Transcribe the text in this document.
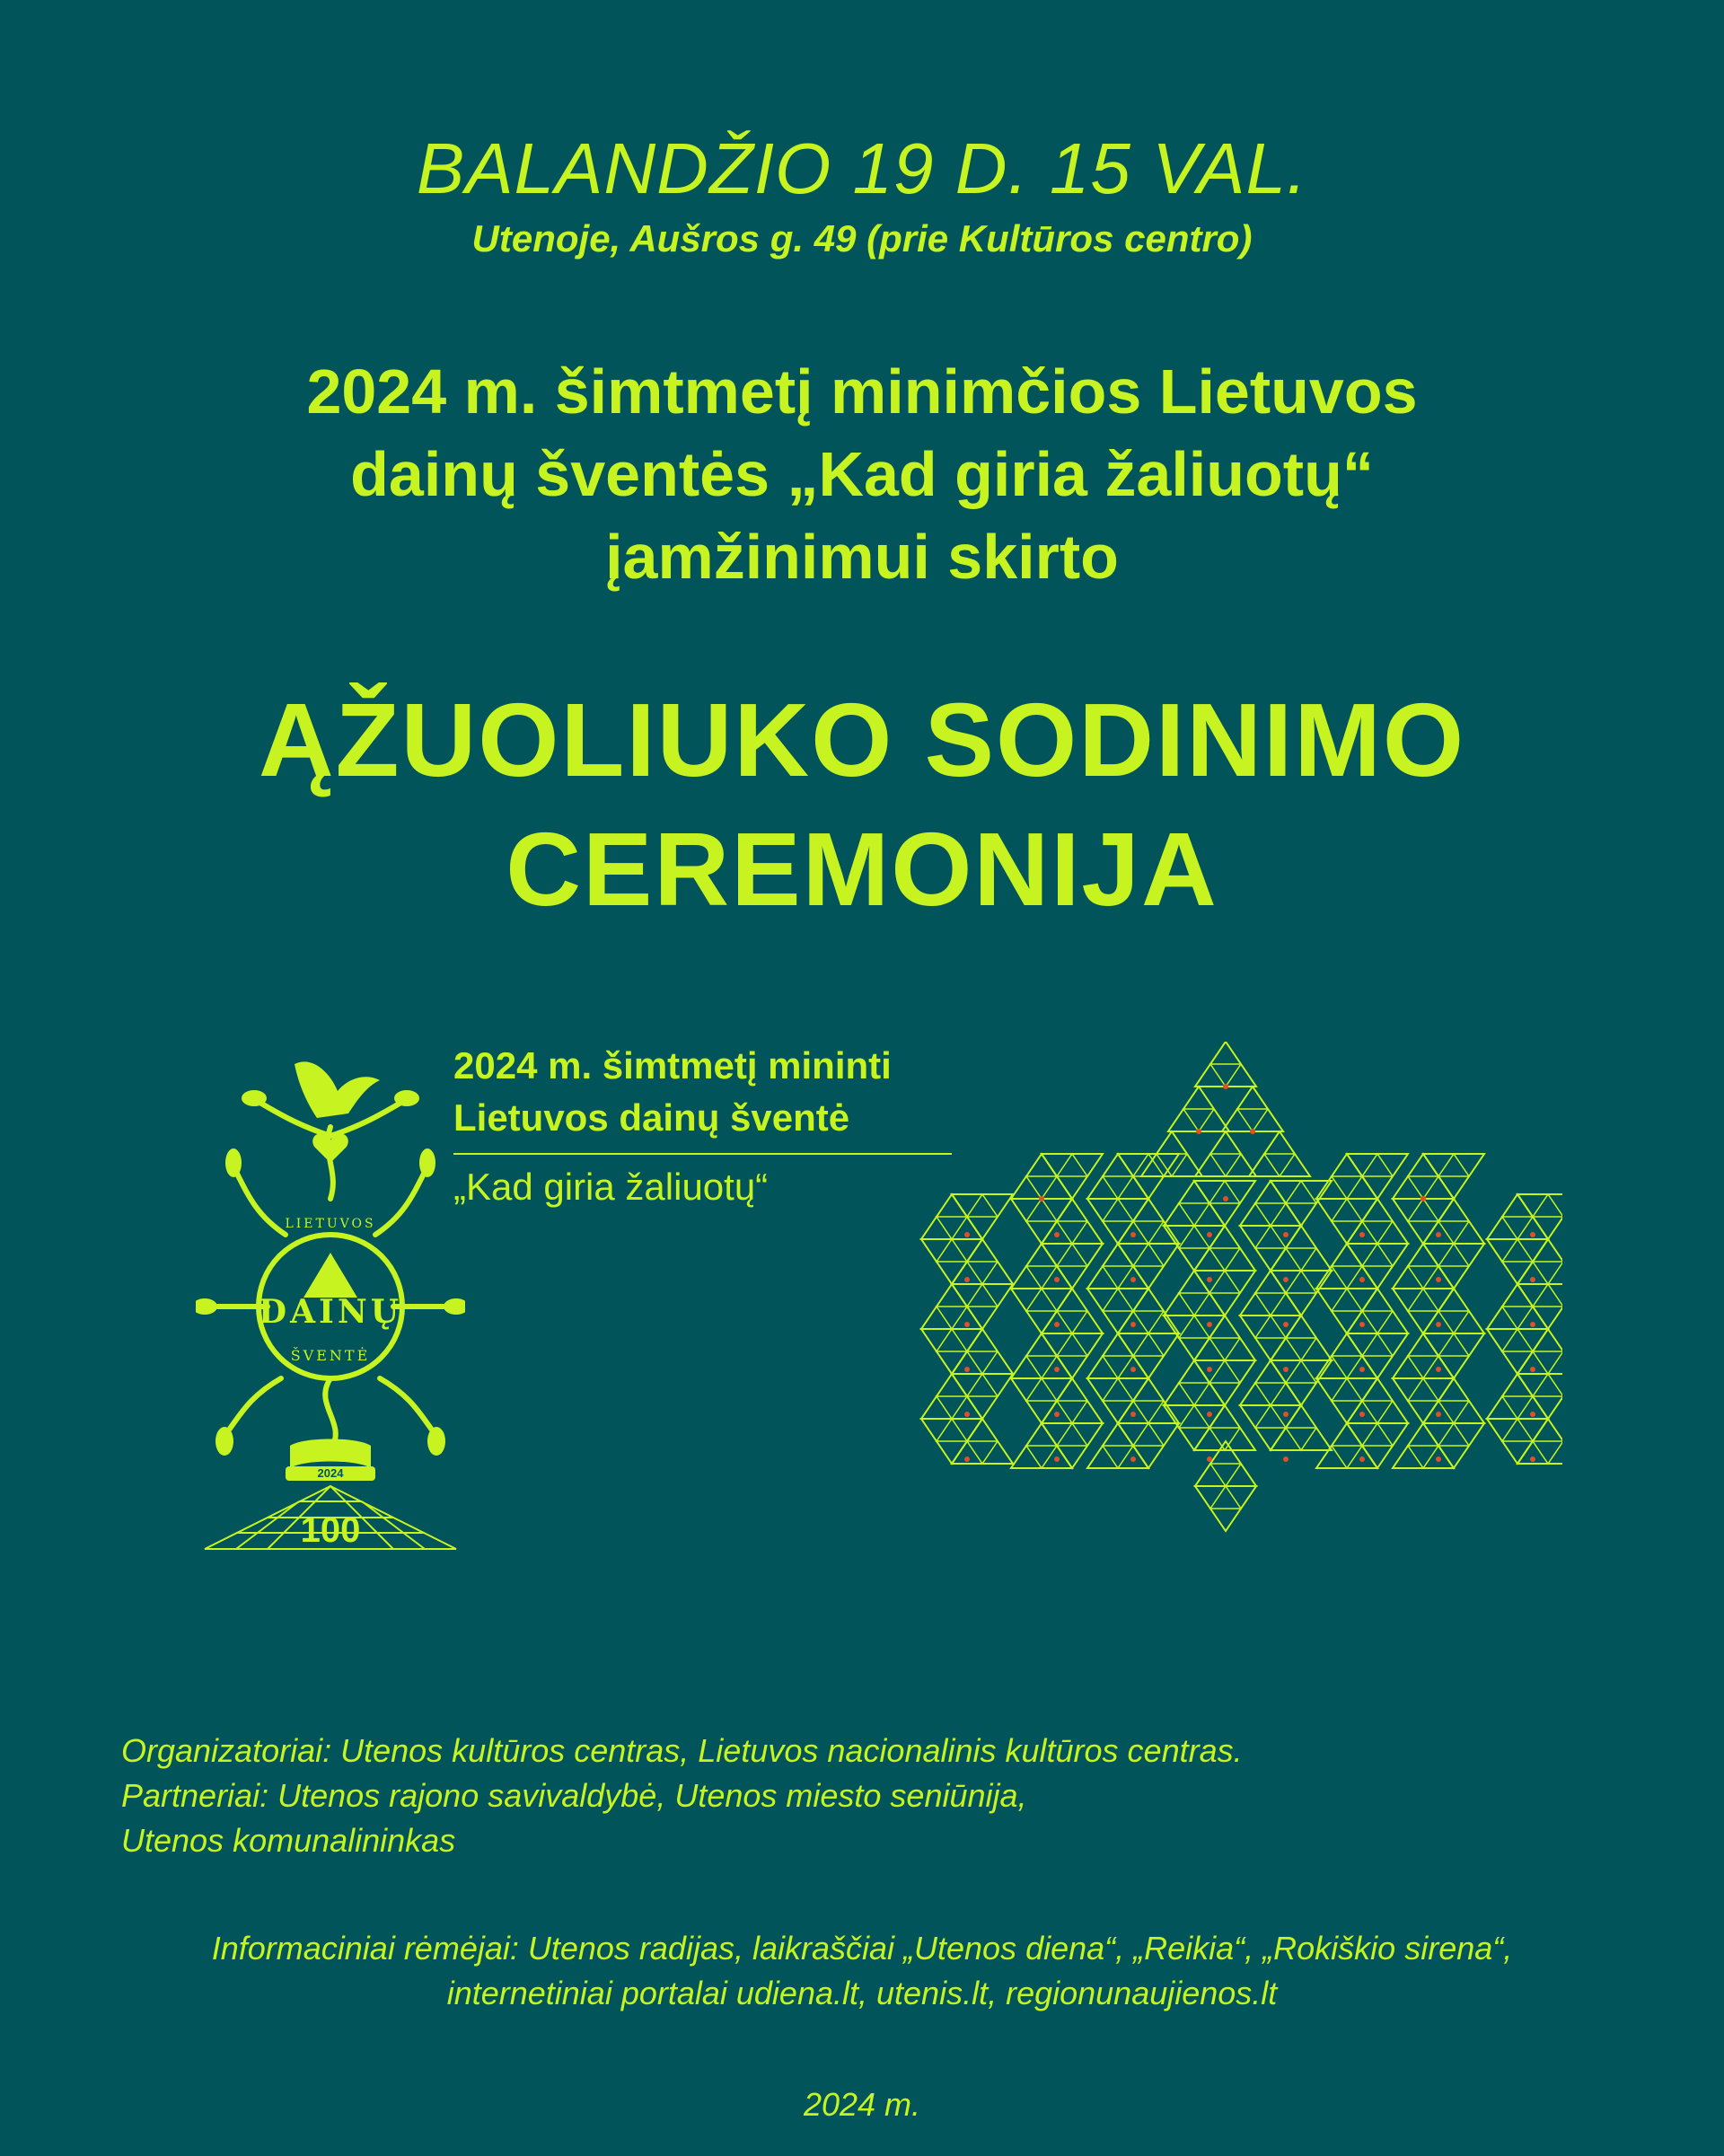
BALANDŽIO 19 D. 15 VAL.
Utenoje, Aušros g. 49 (prie Kultūros centro)
2024 m. šimtmetį minimčios Lietuvos
dainų šventės „Kad giria žaliuotų“
įamžinimui skirto
ĄŽUOLIUKO SODINIMO
CEREMONIJA
LIETUVOS
DAINŲ
ŠVENTĖ
2024
100
2024 m. šimtmetį mininti
Lietuvos dainų šventė
„Kad giria žaliuotų“
Organizatoriai: Utenos kultūros centras, Lietuvos nacionalinis kultūros centras.
Partneriai: Utenos rajono savivaldybė, Utenos miesto seniūnija,
Utenos komunalininkas
Informaciniai rėmėjai: Utenos radijas, laikraščiai „Utenos diena“, „Reikia“, „Rokiškio sirena“,
internetiniai portalai udiena.lt, utenis.lt, regionunaujienos.lt
2024 m.
